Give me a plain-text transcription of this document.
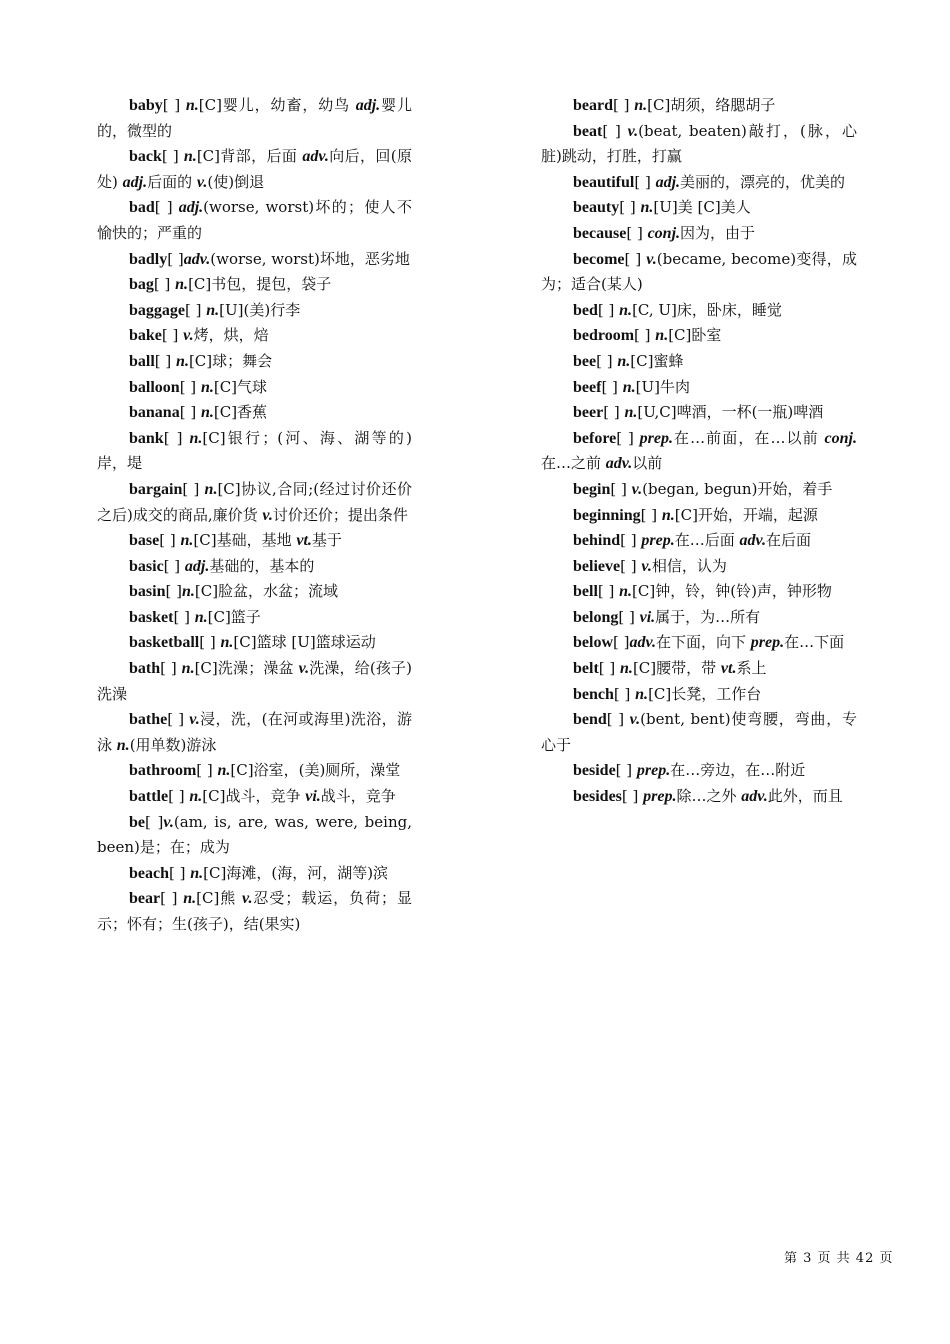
baby[ ] n.[C]婴儿，幼畜，幼鸟 adj.婴儿的，微型的

back[ ] n.[C]背部，后面 adv.向后，回(原处) adj.后面的 v.(使)倒退

bad[ ] adj.(worse, worst)坏的；使人不愉快的；严重的

badly[ ]adv.(worse, worst)坏地，恶劣地

bag[ ] n.[C]书包，提包，袋子

baggage[ ] n.[U](美)行李

bake[ ] v.烤，烘，焙

ball[ ] n.[C]球；舞会

balloon[ ] n.[C]气球

banana[ ] n.[C]香蕉

bank[ ] n.[C]银行；(河、海、湖等的)岸，堤

bargain[ ] n.[C]协议,合同;(经过讨价还价之后)成交的商品,廉价货 v.讨价还价；提出条件

base[ ] n.[C]基础，基地 vt.基于

basic[ ] adj.基础的，基本的

basin[ ]n.[C]脸盆，水盆；流域

basket[ ] n.[C]篮子

basketball[ ] n.[C]篮球 [U]篮球运动

bath[ ] n.[C]洗澡；澡盆 v.洗澡，给(孩子)洗澡

bathe[ ] v.浸，洗，(在河或海里)洗浴，游泳 n.(用单数)游泳

bathroom[ ] n.[C]浴室，(美)厕所，澡堂

battle[ ] n.[C]战斗，竞争 vi.战斗，竞争

be[ ]v.(am, is, are, was, were, being, been)是；在；成为

beach[ ] n.[C]海滩，(海，河，湖等)滨

bear[ ] n.[C]熊 v.忍受；载运，负荷；显示；怀有；生(孩子)，结(果实)

beard[ ] n.[C]胡须，络腮胡子

beat[ ] v.(beat, beaten)敲打，(脉，心脏)跳动，打胜，打赢

beautiful[ ] adj.美丽的，漂亮的，优美的

beauty[ ] n.[U]美 [C]美人

because[ ] conj.因为，由于

become[ ] v.(became, become)变得，成为；适合(某人)

bed[ ] n.[C, U]床，卧床，睡觉

bedroom[ ] n.[C]卧室

bee[ ] n.[C]蜜蜂

beef[ ] n.[U]牛肉

beer[ ] n.[U,C]啤酒，一杯(一瓶)啤酒

before[ ] prep.在…前面，在…以前 conj.在…之前 adv.以前

begin[ ] v.(began, begun)开始，着手

beginning[ ] n.[C]开始，开端，起源

behind[ ] prep.在…后面 adv.在后面

believe[ ] v.相信，认为

bell[ ] n.[C]钟，铃，钟(铃)声，钟形物

belong[ ] vi.属于，为…所有

below[ ]adv.在下面，向下 prep.在…下面

belt[ ] n.[C]腰带，带 vt.系上

bench[ ] n.[C]长凳，工作台

bend[ ] v.(bent, bent)使弯腰，弯曲，专心于

beside[ ] prep.在…旁边，在…附近

besides[ ] prep.除…之外 adv.此外，而且

第 3 页 共 42 页
